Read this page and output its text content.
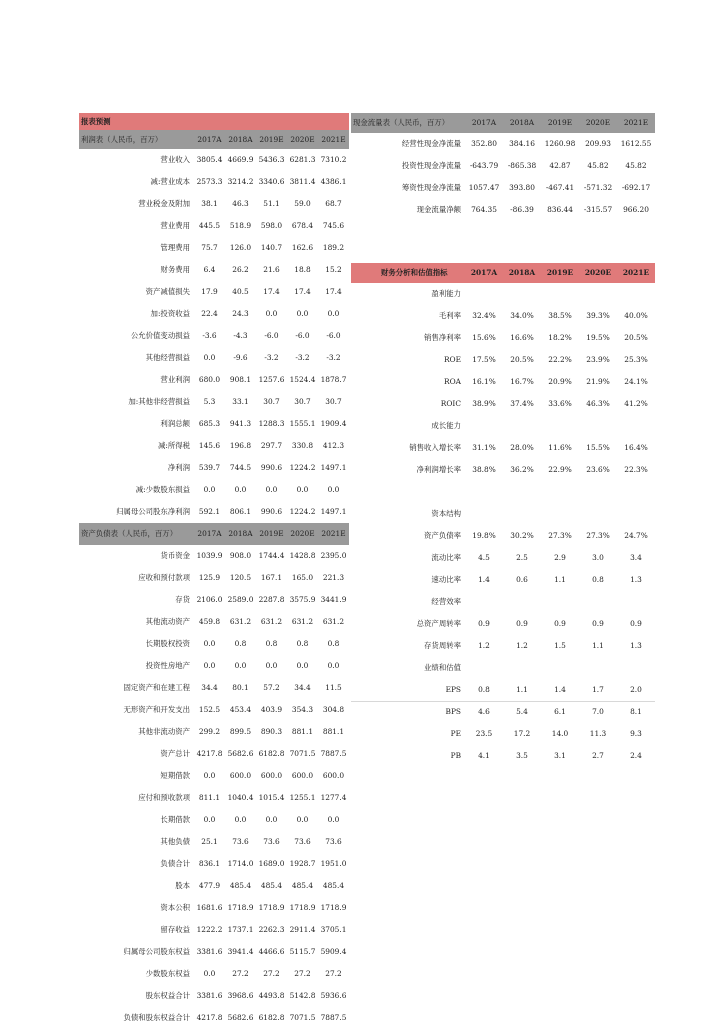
报表预测					
利润表（人民币，百万）	2017A	2018A	2019E	2020E	2021E
营业收入	3805.4	4669.9	5436.3	6281.3	7310.2
减:营业成本	2573.3	3214.2	3340.6	3811.4	4386.1
营业税金及附加	38.1	46.3	51.1	59.0	68.7
营业费用	445.5	518.9	598.0	678.4	745.6
管理费用	75.7	126.0	140.7	162.6	189.2
财务费用	6.4	26.2	21.6	18.8	15.2
资产减值损失	17.9	40.5	17.4	17.4	17.4
加:投资收益	22.4	24.3	0.0	0.0	0.0
公允价值变动损益	-3.6	-4.3	-6.0	-6.0	-6.0
其他经营损益	0.0	-9.6	-3.2	-3.2	-3.2
营业利润	680.0	908.1	1257.6	1524.4	1878.7
加:其他非经营损益	5.3	33.1	30.7	30.7	30.7
利润总额	685.3	941.3	1288.3	1555.1	1909.4
减:所得税	145.6	196.8	297.7	330.8	412.3
净利润	539.7	744.5	990.6	1224.2	1497.1
减:少数股东损益	0.0	0.0	0.0	0.0	0.0
归属母公司股东净利润	592.1	806.1	990.6	1224.2	1497.1
资产负债表（人民币，百万）	2017A	2018A	2019E	2020E	2021E
货币资金	1039.9	908.0	1744.4	1428.8	2395.0
应收和预付款项	125.9	120.5	167.1	165.0	221.3
存货	2106.0	2589.0	2287.8	3575.9	3441.9
其他流动资产	459.8	631.2	631.2	631.2	631.2
长期股权投资	0.0	0.8	0.8	0.8	0.8
投资性房地产	0.0	0.0	0.0	0.0	0.0
固定资产和在建工程	34.4	80.1	57.2	34.4	11.5
无形资产和开发支出	152.5	453.4	403.9	354.3	304.8
其他非流动资产	299.2	899.5	890.3	881.1	881.1
资产总计	4217.8	5682.6	6182.8	7071.5	7887.5
短期借款	0.0	600.0	600.0	600.0	600.0
应付和预收款项	811.1	1040.4	1015.4	1255.1	1277.4
长期借款	0.0	0.0	0.0	0.0	0.0
其他负债	25.1	73.6	73.6	73.6	73.6
负债合计	836.1	1714.0	1689.0	1928.7	1951.0
股本	477.9	485.4	485.4	485.4	485.4
资本公积	1681.6	1718.9	1718.9	1718.9	1718.9
留存收益	1222.2	1737.1	2262.3	2911.4	3705.1
归属母公司股东权益	3381.6	3941.4	4466.6	5115.7	5909.4
少数股东权益	0.0	27.2	27.2	27.2	27.2
股东权益合计	3381.6	3968.6	4493.8	5142.8	5936.6
负债和股东权益合计	4217.8	5682.6	6182.8	7071.5	7887.5
现金流量表（人民币，百万）	2017A	2018A	2019E	2020E	2021E
经营性现金净流量	352.80	384.16	1260.98	209.93	1612.55
投资性现金净流量	-643.79	-865.38	42.87	45.82	45.82
筹资性现金净流量	1057.47	393.80	-467.41	-571.32	-692.17
现金流量净额	764.35	-86.39	836.44	-315.57	966.20
财务分析和估值指标	2017A	2018A	2019E	2020E	2021E
盈利能力					
毛利率	32.4%	34.0%	38.5%	39.3%	40.0%
销售净利率	15.6%	16.6%	18.2%	19.5%	20.5%
ROE	17.5%	20.5%	22.2%	23.9%	25.3%
ROA	16.1%	16.7%	20.9%	21.9%	24.1%
ROIC	38.9%	37.4%	33.6%	46.3%	41.2%
成长能力					
销售收入增长率	31.1%	28.0%	11.6%	15.5%	16.4%
净利润增长率	38.8%	36.2%	22.9%	23.6%	22.3%

资本结构					
资产负债率	19.8%	30.2%	27.3%	27.3%	24.7%
流动比率	4.5	2.5	2.9	3.0	3.4
速动比率	1.4	0.6	1.1	0.8	1.3
经营效率					
总资产周转率	0.9	0.9	0.9	0.9	0.9
存货周转率	1.2	1.2	1.5	1.1	1.3
业绩和估值					
EPS	0.8	1.1	1.4	1.7	2.0
BPS	4.6	5.4	6.1	7.0	8.1
PE	23.5	17.2	14.0	11.3	9.3
PB	4.1	3.5	3.1	2.7	2.4
